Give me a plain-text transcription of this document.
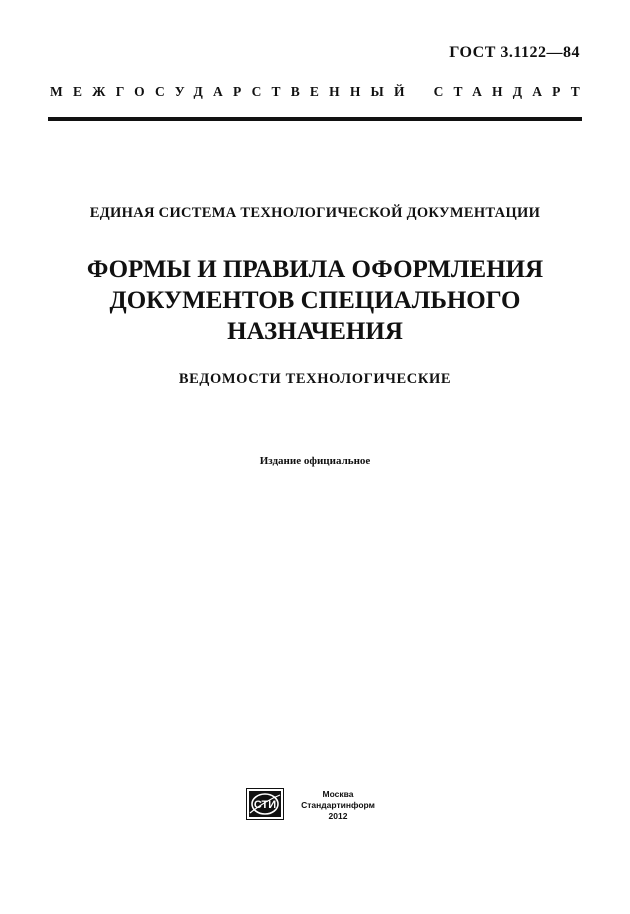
ГОСТ 3.1122—84
МЕЖГОСУДАРСТВЕННЫЙ СТАНДАРТ
ЕДИНАЯ СИСТЕМА ТЕХНОЛОГИЧЕСКОЙ ДОКУМЕНТАЦИИ
ФОРМЫ И ПРАВИЛА ОФОРМЛЕНИЯ
ДОКУМЕНТОВ СПЕЦИАЛЬНОГО
НАЗНАЧЕНИЯ
ВЕДОМОСТИ ТЕХНОЛОГИЧЕСКИЕ
Издание официальное
СТИ
Москва
Стандартинформ
2012
